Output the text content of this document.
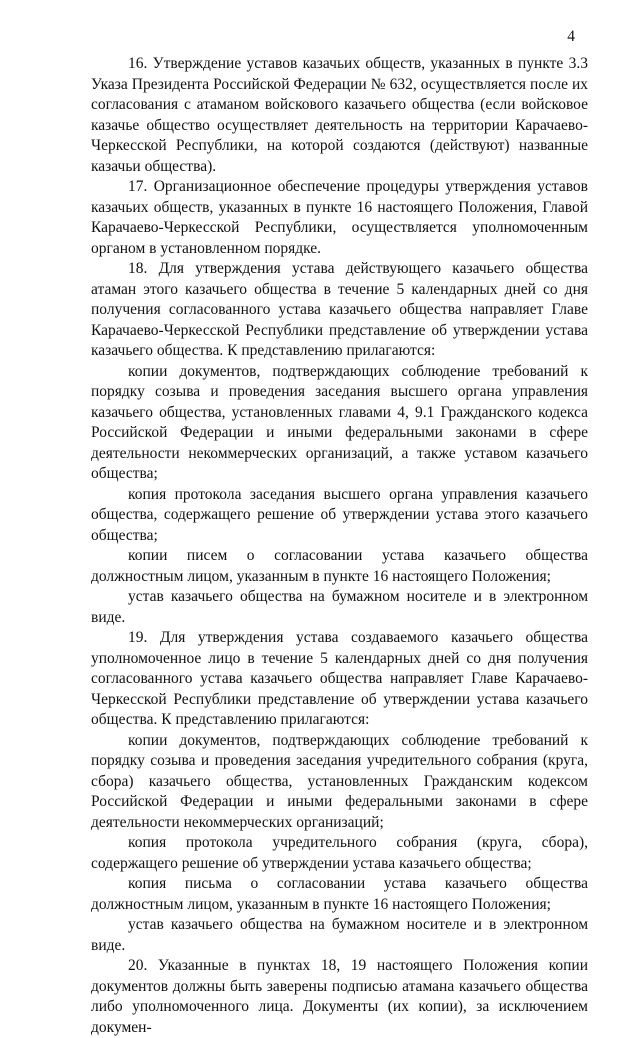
4

16. Утверждение уставов казачьих обществ, указанных в пункте 3.3 Указа Президента Российской Федерации № 632, осуществляется после их согласования с атаманом войскового казачьего общества (если войсковое казачье общество осуществляет деятельность на территории Карачаево-Черкесской Республики, на которой создаются (действуют) названные казачьи общества).

17. Организационное обеспечение процедуры утверждения уставов казачьих обществ, указанных в пункте 16 настоящего Положения, Главой Карачаево-Черкесской Республики, осуществляется уполномоченным органом в установленном порядке.

18. Для утверждения устава действующего казачьего общества атаман этого казачьего общества в течение 5 календарных дней со дня получения согласованного устава казачьего общества направляет Главе Карачаево-Черкесской Республики представление об утверждении устава казачьего общества. К представлению прилагаются:

копии документов, подтверждающих соблюдение требований к порядку созыва и проведения заседания высшего органа управления казачьего общества, установленных главами 4, 9.1 Гражданского кодекса Российской Федерации и иными федеральными законами в сфере деятельности некоммерческих организаций, а также уставом казачьего общества;

копия протокола заседания высшего органа управления казачьего общества, содержащего решение об утверждении устава этого казачьего общества;

копии писем о согласовании устава казачьего общества должностным лицом, указанным в пункте 16 настоящего Положения;

устав казачьего общества на бумажном носителе и в электронном виде.

19. Для утверждения устава создаваемого казачьего общества уполномоченное лицо в течение 5 календарных дней со дня получения согласованного устава казачьего общества направляет Главе Карачаево-Черкесской Республики представление об утверждении устава казачьего общества. К представлению прилагаются:

копии документов, подтверждающих соблюдение требований к порядку созыва и проведения заседания учредительного собрания (круга, сбора) казачьего общества, установленных Гражданским кодексом Российской Федерации и иными федеральными законами в сфере деятельности некоммерческих организаций;

копия протокола учредительного собрания (круга, сбора), содержащего решение об утверждении устава казачьего общества;

копия письма о согласовании устава казачьего общества должностным лицом, указанным в пункте 16 настоящего Положения;

устав казачьего общества на бумажном носителе и в электронном виде.

20. Указанные в пунктах 18, 19 настоящего Положения копии документов должны быть заверены подписью атамана казачьего общества либо уполномоченного лица. Документы (их копии), за исключением докумен-
